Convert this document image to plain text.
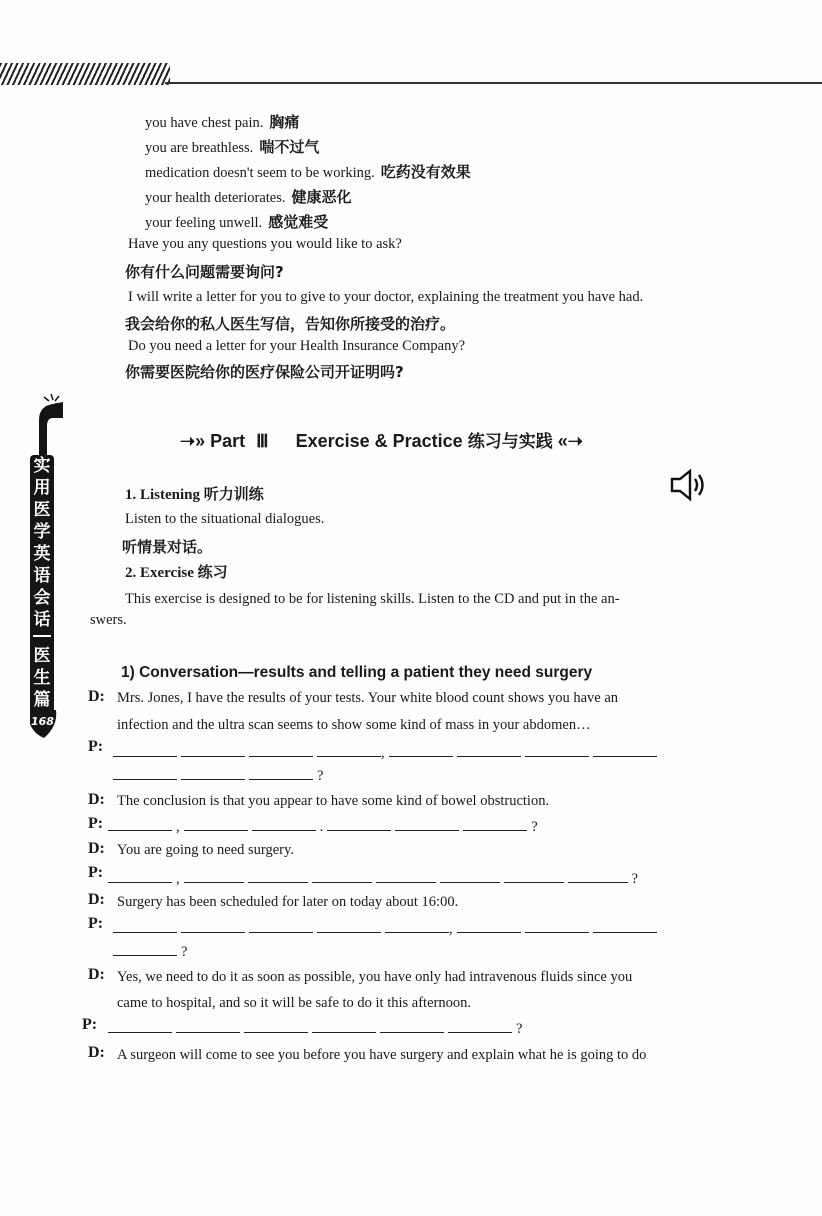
you have chest pain. 胸痛
you are breathless. 喘不过气
medication doesn't seem to be working. 吃药没有效果
your health deteriorates. 健康恶化
your feeling unwell. 感觉难受
Have you any questions you would like to ask?
你有什么问题需要询问?
I will write a letter for you to give to your doctor, explaining the treatment you have had.
我会给你的私人医生写信，告知你所接受的治疗。
Do you need a letter for your Health Insurance Company?
你需要医院给你的医疗保险公司开证明吗?
实
用
医
学
英
语
会
话
医
生
篇
168
➝» Part Ⅲ Exercise & Practice 练习与实践 «➝
1. Listening 听力训练
Listen to the situational dialogues.
听情景对话。
2. Exercise 练习
This exercise is designed to be for listening skills. Listen to the CD and put in the an-
swers.
1) Conversation—results and telling a patient they need surgery
D: Mrs. Jones, I have the results of your tests. Your white blood count shows you have an
infection and the ultra scan seems to show some kind of mass in your abdomen…
P:	,
?
D: The conclusion is that you appear to have some kind of bowel obstruction.
P:	,	.	?
D: You are going to need surgery.
P:	,	?
D: Surgery has been scheduled for later on today about 16:00.
P:	,
?
D: Yes, we need to do it as soon as possible, you have only had intravenous fluids since you
came to hospital, and so it will be safe to do it this afternoon.
P:	?
D: A surgeon will come to see you before you have surgery and explain what he is going to do
